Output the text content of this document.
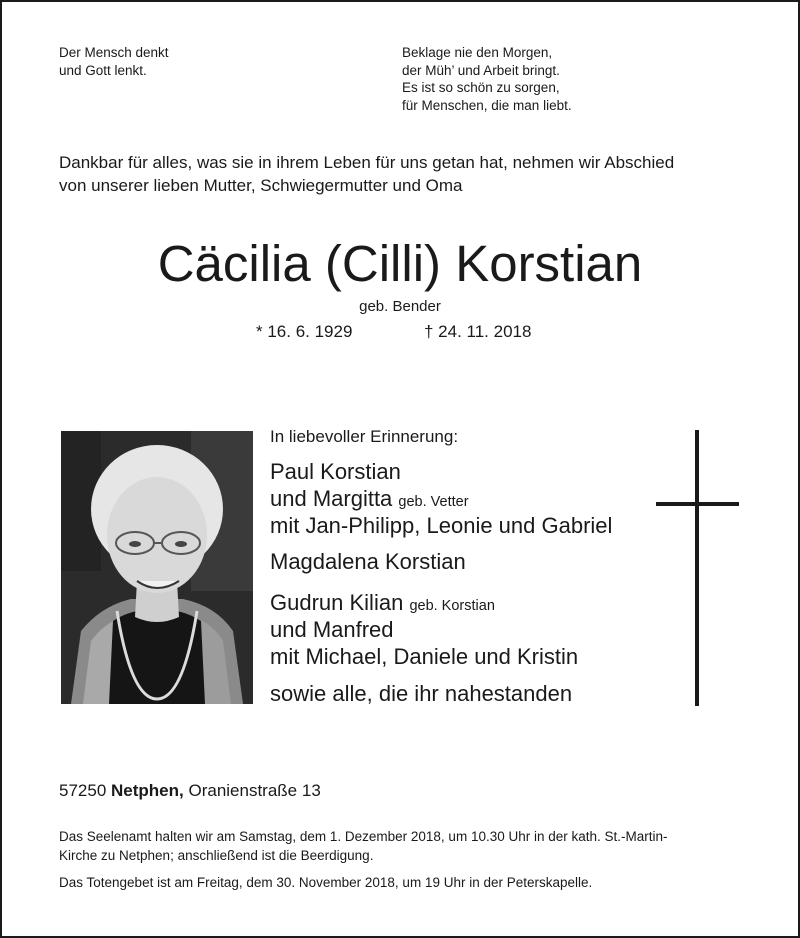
Der Mensch denkt
und Gott lenkt.
Beklage nie den Morgen,
der Müh’ und Arbeit bringt.
Es ist so schön zu sorgen,
für Menschen, die man liebt.
Dankbar für alles, was sie in ihrem Leben für uns getan hat, nehmen wir Abschied
von unserer lieben Mutter, Schwiegermutter und Oma
Cäcilia (Cilli) Korstian
geb. Bender
* 16. 6. 1929	† 24. 11. 2018
In liebevoller Erinnerung:
Paul Korstian
und Margitta geb. Vetter
mit Jan-Philipp, Leonie und Gabriel
Magdalena Korstian
Gudrun Kilian geb. Korstian
und Manfred
mit Michael, Daniele und Kristin
sowie alle, die ihr nahestanden
57250 Netphen, Oranienstraße 13
Das Seelenamt halten wir am Samstag, dem 1. Dezember 2018, um 10.30 Uhr in der kath. St.-Martin-
Kirche zu Netphen; anschließend ist die Beerdigung.
Das Totengebet ist am Freitag, dem 30. November 2018, um 19 Uhr in der Peterskapelle.
